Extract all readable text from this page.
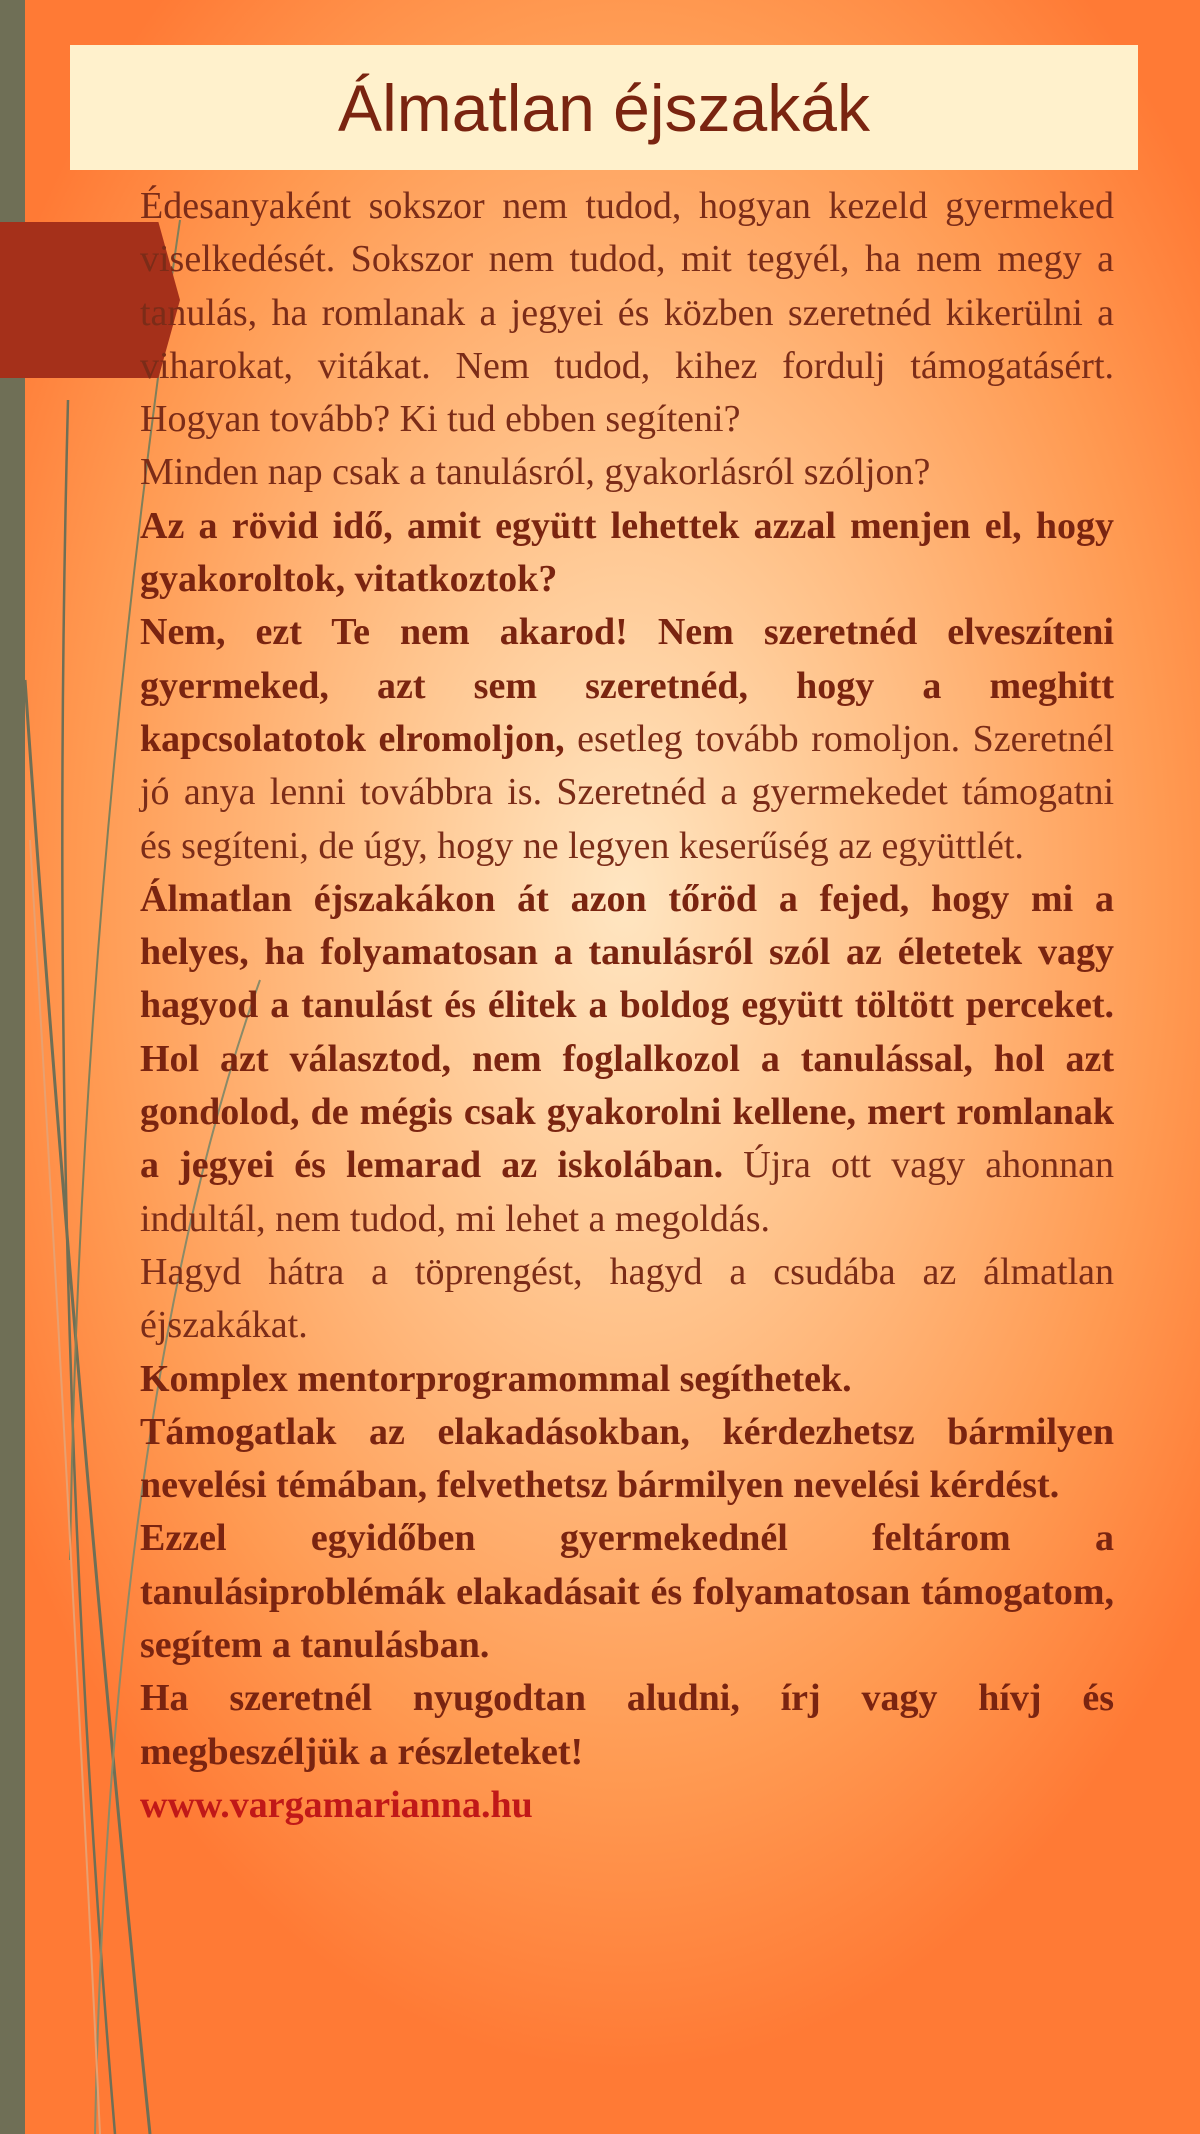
Álmatlan éjszakák

Édesanyaként sokszor nem tudod, hogyan kezeld gyermeked viselkedését. Sokszor nem tudod, mit tegyél, ha nem megy a tanulás, ha romlanak a jegyei és közben szeretnéd kikerülni a viharokat, vitákat. Nem tudod, kihez fordulj támogatásért. Hogyan tovább? Ki tud ebben segíteni?

Minden nap csak a tanulásról, gyakorlásról szóljon?
Az a rövid idő, amit együtt lehettek azzal menjen el, hogy gyakoroltok, vitatkoztok?

Nem, ezt Te nem akarod! Nem szeretnéd elveszíteni gyermeked, azt sem szeretnéd, hogy a meghitt kapcsolatotok elromoljon, esetleg tovább romoljon. Szeretnél jó anya lenni továbbra is. Szeretnéd a gyermekedet támogatni és segíteni, de úgy, hogy ne legyen keserűség az együttlét.

Álmatlan éjszakákon át azon tőröd a fejed, hogy mi a helyes, ha folyamatosan a tanulásról szól az életetek vagy hagyod a tanulást és élitek a boldog együtt töltött perceket. Hol azt választod, nem foglalkozol a tanulással, hol azt gondolod, de mégis csak gyakorolni kellene, mert romlanak a jegyei és lemarad az iskolában. Újra ott vagy ahonnan indultál, nem tudod, mi lehet a megoldás.

Hagyd hátra a töprengést, hagyd a csudába az álmatlan éjszakákat.

Komplex mentorprogramommal segíthetek.

Támogatlak az elakadásokban, kérdezhetsz bármilyen nevelési témában, felvethetsz bármilyen nevelési kérdést.

Ezzel egyidőben gyermekednél feltárom a tanulásiproblémák elakadásait és folyamatosan támogatom, segítem a tanulásban.

Ha szeretnél nyugodtan aludni, írj vagy hívj és megbeszéljük a részleteket!

www.vargamarianna.hu
